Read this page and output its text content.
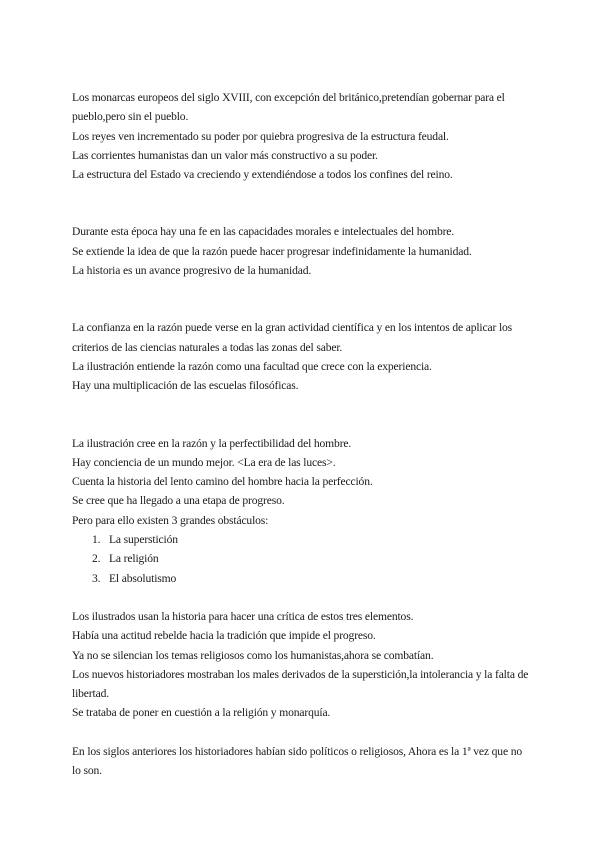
Los monarcas europeos del siglo XVIII, con excepción del británico,pretendían gobernar para el

pueblo,pero sin el pueblo.

Los reyes ven incrementado su poder por quiebra progresiva de la estructura feudal.

Las corrientes humanistas dan un valor más constructivo a su poder.

La estructura del Estado va creciendo y extendiéndose a todos los confines del reino.

Durante esta época hay una fe en las capacidades morales e intelectuales del hombre.

Se extiende la idea de que la razón puede hacer progresar indefinidamente la humanidad.

La historia es un avance progresivo de la humanidad.

La confianza en la razón puede verse en la gran actividad científica y en los intentos de aplicar los

criterios de las ciencias naturales a todas las zonas del saber.

La ilustración entiende la razón como una facultad que crece con la experiencia.

Hay una multiplicación de las escuelas filosóficas.

La ilustración cree en la razón y la perfectibilidad del hombre.

Hay conciencia de un mundo mejor. <La era de las luces>.

Cuenta la historia del lento camino del hombre hacia la perfección.

Se cree que ha llegado a una etapa de progreso.

Pero para ello existen 3 grandes obstáculos:

1. La superstición
2. La religión
3. El absolutismo

Los ilustrados usan la historia para hacer una crítica de estos tres elementos.

Había una actitud rebelde hacia la tradición que impide el progreso.

Ya no se silencian los temas religiosos como los humanistas,ahora se combatían.

Los nuevos historiadores mostraban los males derivados de la superstición,la intolerancia y la falta de

libertad.

Se trataba de poner en cuestión a la religión y monarquía.

En los siglos anteriores los historiadores habían sido políticos o religiosos, Ahora es la 1ª vez que no

lo son.
